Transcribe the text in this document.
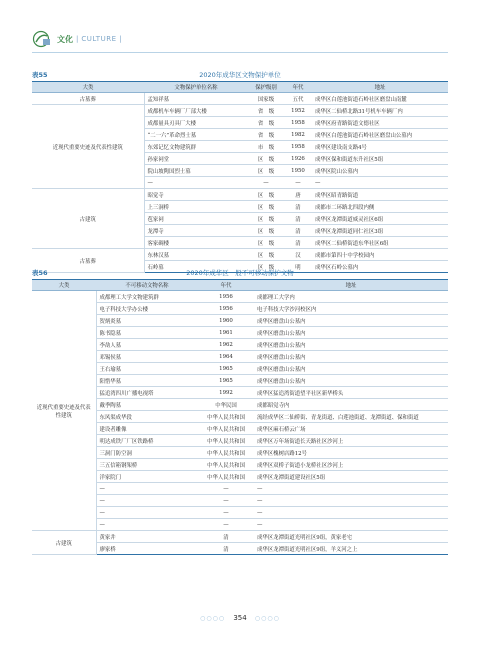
文化 | CULTURE |
表55	2020年成华区文物保护单位
大类	文物保护单位名称	保护级别	年代	地址
古墓葬	孟知祥墓	国家级	五代	成华区白莲池街道石岭社区磨盘山南麓
近现代重要史迹及代表性建筑	成都机车车辆厂厂部大楼	省　级	1952	成华区二仙桥北路31号机车车辆厂内
	成都量具刃具厂大楼	省　级	1958	成华区府青路街道文德社区
	“二一六”革命烈士墓	省　级	1982	成华区白莲池街道石岭社区磨盘山公墓内
	东郊记忆文物建筑群	市　级	1958	成华区建设南支路4号
	孙家祠堂	区　级	1926	成华区保和街道东升社区5组
	院山坡陶国烈士墓	区　级	1950	成华区院山公墓内
	—	—	—	—
古建筑	昭觉寺	区　级	唐	成华区昭青路街道
	上三洞桥	区　级	清	成都市二环路北四段内侧
	苞家祠	区　级	清	成华区龙潭街道威灵社区6组
	龙潭寺	区　级	清	成华区龙潭街道同仁社区3组
	客家碉楼	区　级	清	成华区二仙桥街道东华社区6组
古墓葬	东林汉墓	区　级	汉	成都市第四十中学校园内
	石岭墓	区　级	明	成华区石岭公墓内
表56	2020年成华区一般不可移动保护文物
大类	不可移动文物名称	年代	地址
近现代重要史迹及代表性建筑	成都理工大学文物建筑群	1956	成都理工大学内
	电子科技大学办公楼	1956	电子科技大学沙河校区内
	贺炳炎墓	1960	成华区磨盘山公墓内
	陈书隐墓	1961	成华区磨盘山公墓内
	李劼人墓	1962	成华区磨盘山公墓内
	邓锡侯墓	1964	成华区磨盘山公墓内
	王右瑜墓	1965	成华区磨盘山公墓内
	阳惜华墓	1965	成华区磨盘山公墓内
	猛追湾四川广播电视塔	1992	成华区猛追湾街道望平社区新华桥头
	戴季陶墓	中华民国	成都昭觉寺内
	东风渠成华段	中华人民共和国	流经成华区二仙桥街、青龙街道、白莲池街道、龙潭街道、保和街道
	建设者雕像	中华人民共和国	成华区麻石桥云广场
	明达成铁厂厂区铁路桥	中华人民共和国	成华区万年场街道长天路社区沙河上
	三洞门防空洞	中华人民共和国	成华区槐树店路12号
	三五信箱钢架桥	中华人民共和国	成华区双桥子街道小龙桥社区沙河上
	洋家院门	中华人民共和国	成华区龙潭街道建设社区5组
	—	—	—
	—	—	—
	—	—	—
	—	—	—
古建筑	黄家井	清	成华区龙潭街道光明社区9组，黄家老宅
	廖家桥	清	成华区龙潭街道光明社区9组，羊义河之上
○○○○ 354 ○○○○
